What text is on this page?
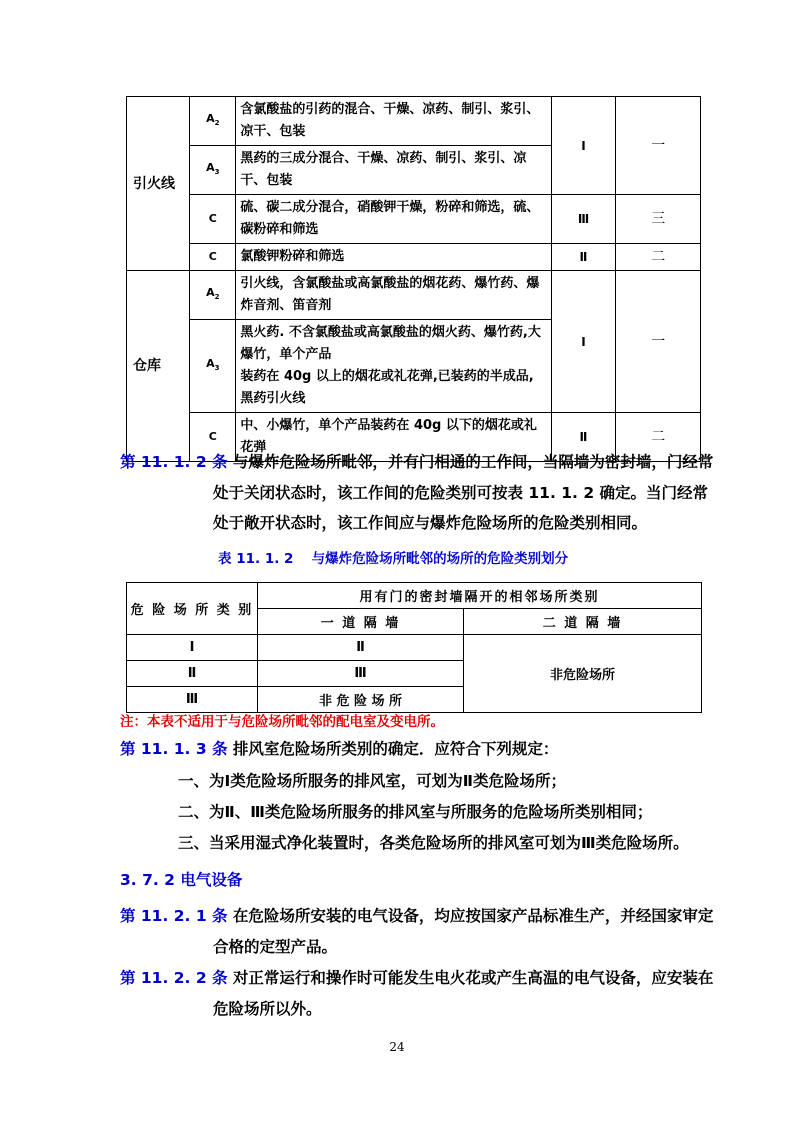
引火线	$A_2$	含氯酸盐的引药的混合、干燥、凉药、制引、浆引、凉干、包装	Ⅰ	一
	$A_3$	黑药的三成分混合、干燥、凉药、制引、浆引、凉干、包装		
	C	硫、碳二成分混合，硝酸钾干燥，粉碎和筛选，硫、碳粉碎和筛选	Ⅲ	三
	C	氯酸钾粉碎和筛选	Ⅱ	二
仓库	$A_2$	引火线，含氯酸盐或高氯酸盐的烟花药、爆竹药、爆炸音剂、笛音剂	Ⅰ	一
	$A_3$	黑火药. 不含氯酸盐或高氯酸盐的烟火药、爆竹药,大爆竹，单个产品
装药在 40g 以上的烟花或礼花弹,已装药的半成品,黑药引火线		

	C	中、小爆竹，单个产品装药在 40g 以下的烟花或礼花弹	Ⅱ	二
第 11. 1. 2 条 与爆炸危险场所毗邻，并有门相通的工作间，当隔墙为密封墙，门经常
处于关闭状态时，该工作间的危险类别可按表 11. 1. 2 确定。当门经常
处于敞开状态时，该工作间应与爆炸危险场所的危险类别相同。
表 11. 1. 2　 与爆炸危险场所毗邻的场所的危险类别划分
危 险 场 所 类 别	用有门的密封墙隔开的相邻场所类别	
	一 道 隔 墙	二 道 隔 墙
Ⅰ	Ⅱ	非危险场所
Ⅱ	Ⅲ	
Ⅲ	非 危 险 场 所	
注：本表不适用于与危险场所毗邻的配电室及变电所。
第 11. 1. 3 条 排风室危险场所类别的确定．应符合下列规定：
一、为Ⅰ类危险场所服务的排风室，可划为Ⅱ类危险场所；
二、为Ⅱ、Ⅲ类危险场所服务的排风室与所服务的危险场所类别相同；
三、当采用湿式净化装置时，各类危险场所的排风室可划为Ⅲ类危险场所。
3. 7. 2 电气设备
第 11. 2. 1 条 在危险场所安装的电气设备，均应按国家产品标准生产，并经国家审定
合格的定型产品。
第 11. 2. 2 条 对正常运行和操作时可能发生电火花或产生高温的电气设备，应安装在
危险场所以外。
24
